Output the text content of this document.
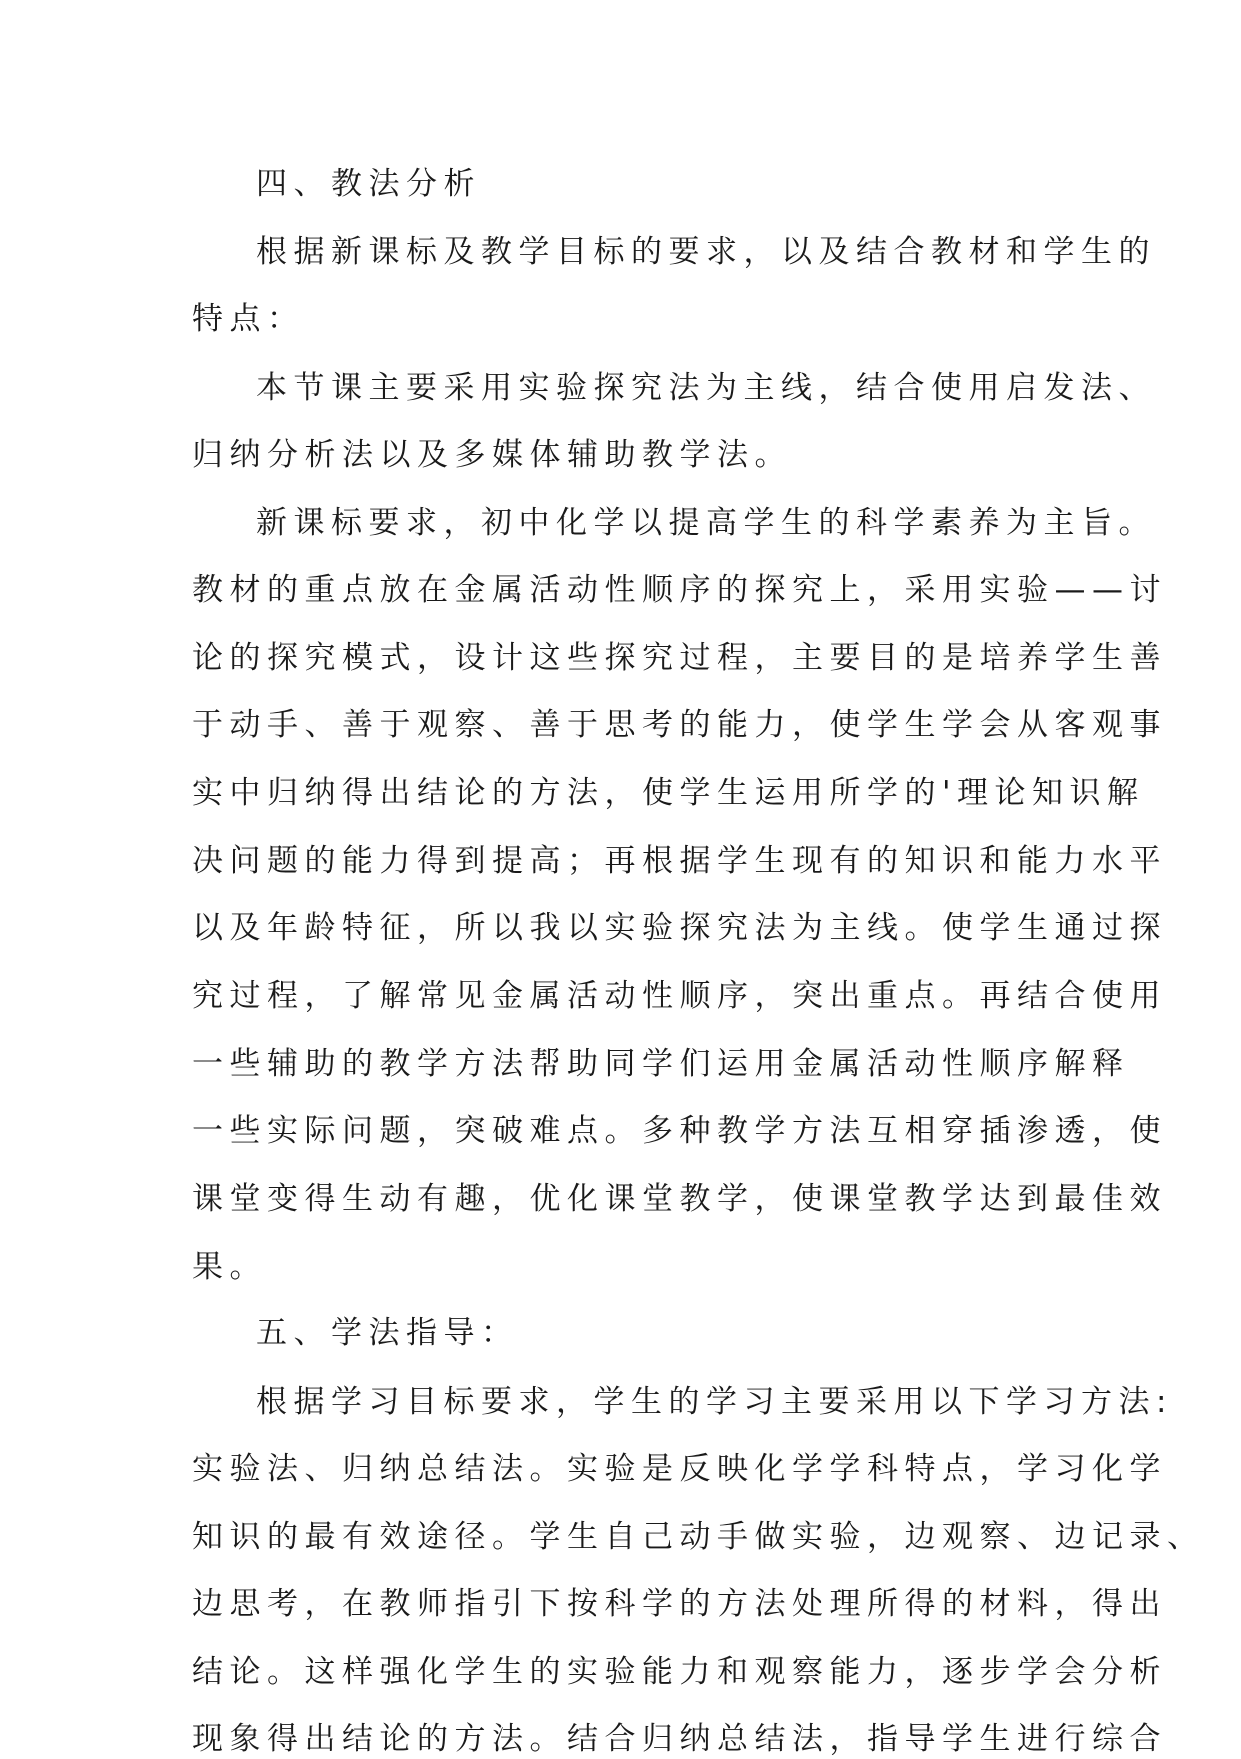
四、教法分析
根据新课标及教学目标的要求，以及结合教材和学生的
特点：
本节课主要采用实验探究法为主线，结合使用启发法、
归纳分析法以及多媒体辅助教学法。
新课标要求，初中化学以提高学生的科学素养为主旨。
教材的重点放在金属活动性顺序的探究上，采用实验——讨
论的探究模式，设计这些探究过程，主要目的是培养学生善
于动手、善于观察、善于思考的能力，使学生学会从客观事
实中归纳得出结论的方法，使学生运用所学的'理论知识解
决问题的能力得到提高；再根据学生现有的知识和能力水平
以及年龄特征，所以我以实验探究法为主线。使学生通过探
究过程，了解常见金属活动性顺序，突出重点。再结合使用
一些辅助的教学方法帮助同学们运用金属活动性顺序解释
一些实际问题，突破难点。多种教学方法互相穿插渗透，使
课堂变得生动有趣，优化课堂教学，使课堂教学达到最佳效
果。
五、学法指导：
根据学习目标要求，学生的学习主要采用以下学习方法:
实验法、归纳总结法。实验是反映化学学科特点，学习化学
知识的最有效途径。学生自己动手做实验，边观察、边记录、
边思考，在教师指引下按科学的方法处理所得的材料，得出
结论。这样强化学生的实验能力和观察能力，逐步学会分析
现象得出结论的方法。结合归纳总结法，指导学生进行综合
